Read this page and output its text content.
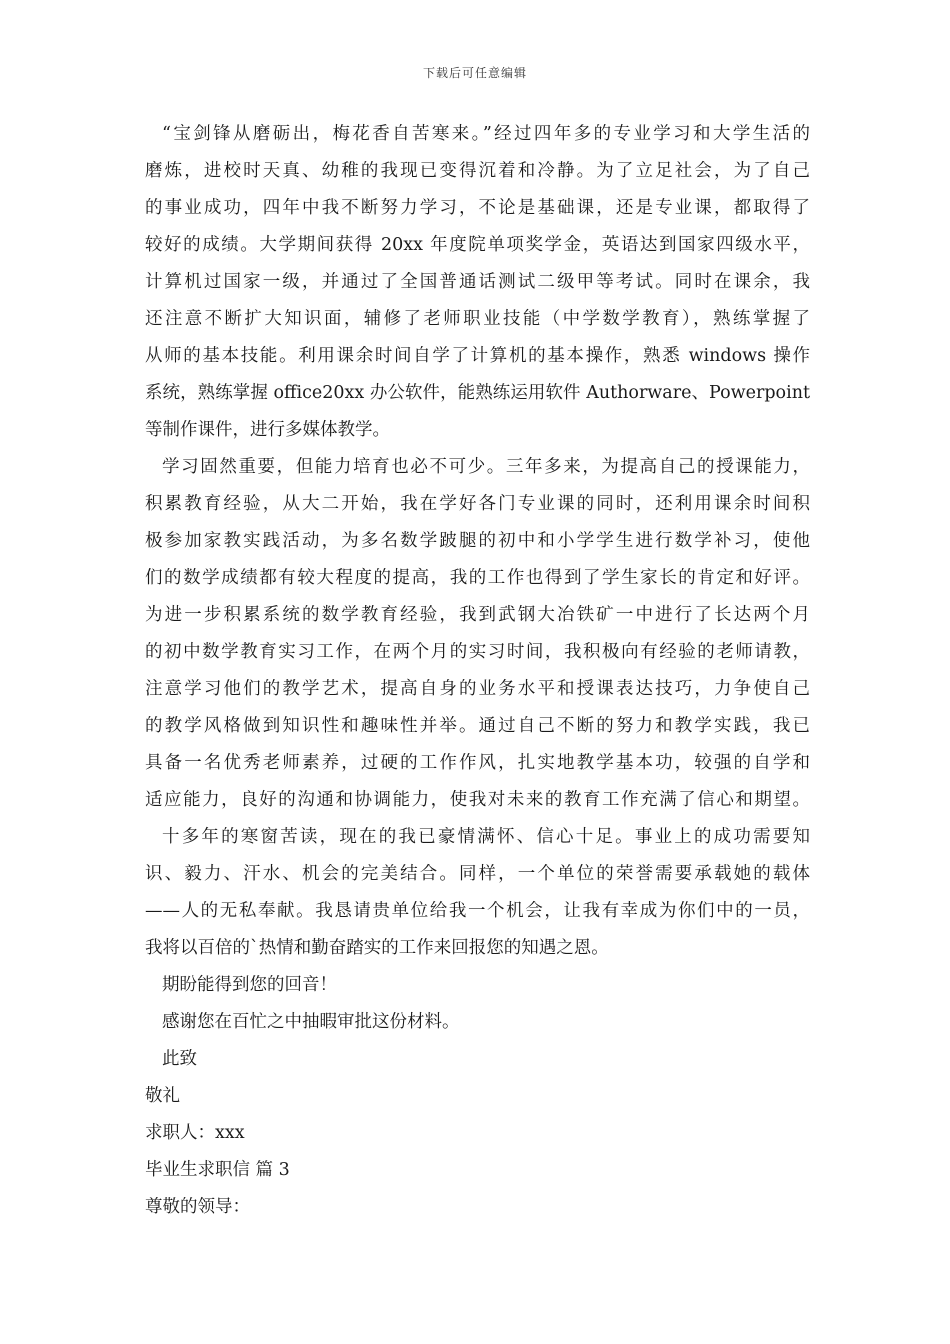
下载后可任意编辑
“宝剑锋从磨砺出，梅花香自苦寒来。”经过四年多的专业学习和大学生活的
磨炼，进校时天真、幼稚的我现已变得沉着和冷静。为了立足社会，为了自己
的事业成功，四年中我不断努力学习，不论是基础课，还是专业课，都取得了
较好的成绩。大学期间获得 20xx 年度院单项奖学金，英语达到国家四级水平，
计算机过国家一级，并通过了全国普通话测试二级甲等考试。同时在课余，我
还注意不断扩大知识面，辅修了老师职业技能（中学数学教育），熟练掌握了
从师的基本技能。利用课余时间自学了计算机的基本操作，熟悉 windows 操作
系统，熟练掌握 office20xx 办公软件，能熟练运用软件 Authorware、Powerpoint
等制作课件，进行多媒体教学。
学习固然重要，但能力培育也必不可少。三年多来，为提高自己的授课能力，
积累教育经验，从大二开始，我在学好各门专业课的同时，还利用课余时间积
极参加家教实践活动，为多名数学跛腿的初中和小学学生进行数学补习，使他
们的数学成绩都有较大程度的提高，我的工作也得到了学生家长的肯定和好评。
为进一步积累系统的数学教育经验，我到武钢大冶铁矿一中进行了长达两个月
的初中数学教育实习工作，在两个月的实习时间，我积极向有经验的老师请教，
注意学习他们的教学艺术，提高自身的业务水平和授课表达技巧，力争使自己
的教学风格做到知识性和趣味性并举。通过自己不断的努力和教学实践，我已
具备一名优秀老师素养，过硬的工作作风，扎实地教学基本功，较强的自学和
适应能力，良好的沟通和协调能力，使我对未来的教育工作充满了信心和期望。
十多年的寒窗苦读，现在的我已豪情满怀、信心十足。事业上的成功需要知
识、毅力、汗水、机会的完美结合。同样，一个单位的荣誉需要承载她的载体
——人的无私奉献。我恳请贵单位给我一个机会，让我有幸成为你们中的一员，
我将以百倍的`热情和勤奋踏实的工作来回报您的知遇之恩。
期盼能得到您的回音！
感谢您在百忙之中抽暇审批这份材料。
此致
敬礼
求职人：xxx
毕业生求职信 篇 3
尊敬的领导：
